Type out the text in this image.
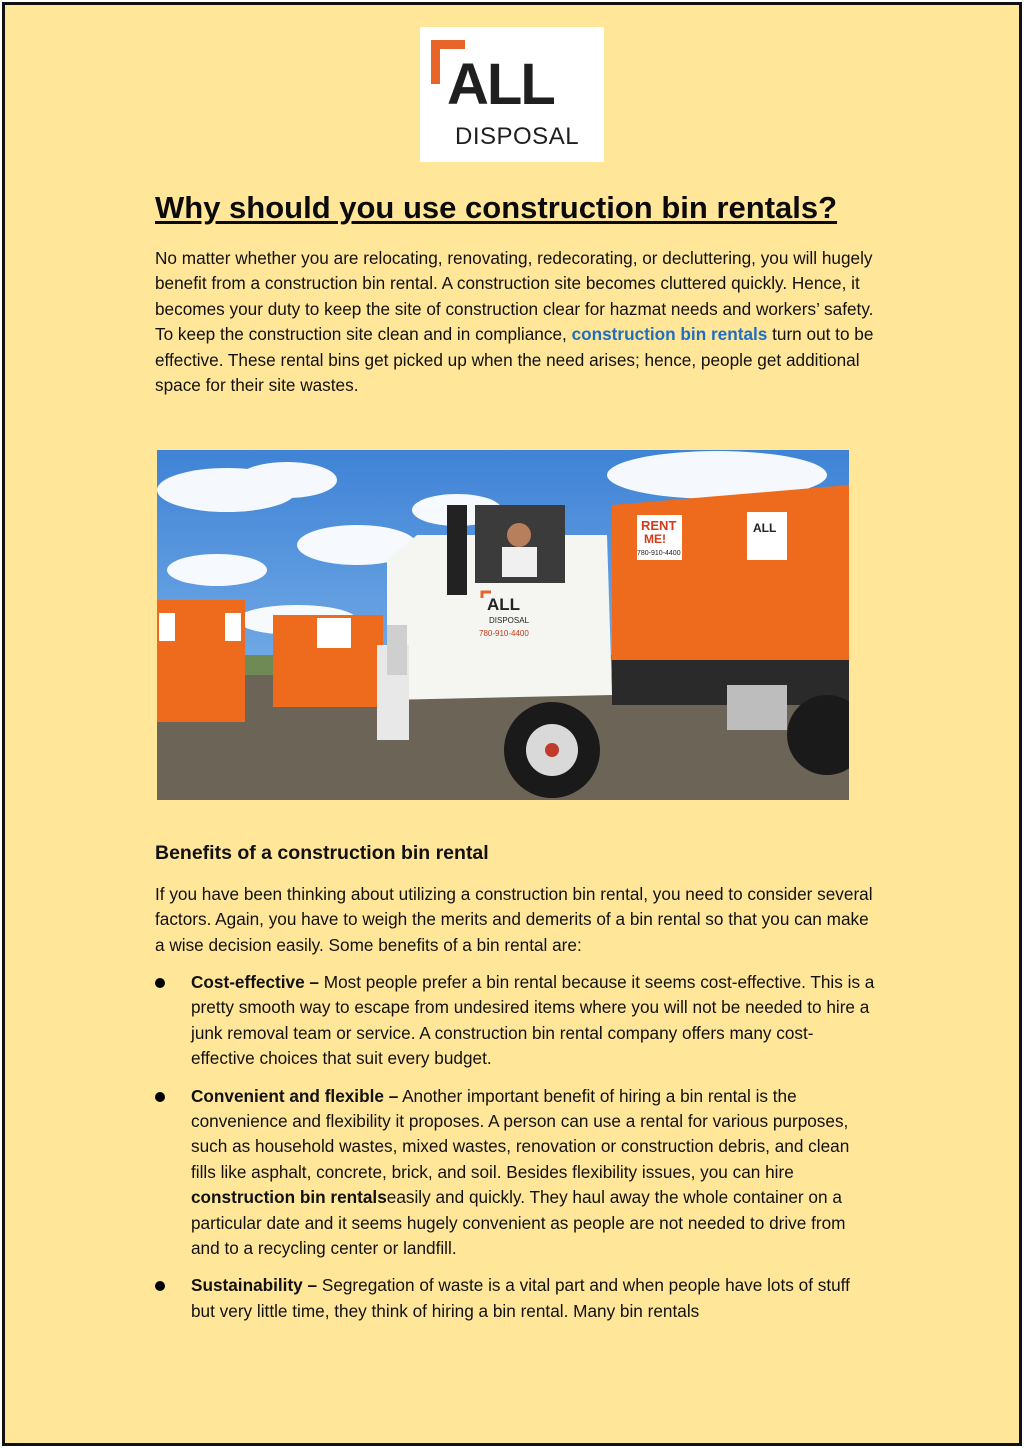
ALL
DISPOSAL
Why should you use construction bin rentals?

No matter whether you are relocating, renovating, redecorating, or decluttering, you will hugely benefit from a construction bin rental. A construction site becomes cluttered quickly. Hence, it becomes your duty to keep the site of construction clear for hazmat needs and workers’ safety. To keep the construction site clean and in compliance, construction bin rentals turn out to be effective. These rental bins get picked up when the need arises; hence, people get additional space for their site wastes.

ALL
DISPOSAL
780-910-4400
RENT
ME!
780-910-4400
ALL
Benefits of a construction bin rental

If you have been thinking about utilizing a construction bin rental, you need to consider several factors. Again, you have to weigh the merits and demerits of a bin rental so that you can make a wise decision easily. Some benefits of a bin rental are:

Cost-effective – Most people prefer a bin rental because it seems cost-effective. This is a pretty smooth way to escape from undesired items where you will not be needed to hire a junk removal team or service. A construction bin rental company offers many cost-effective choices that suit every budget.
Convenient and flexible – Another important benefit of hiring a bin rental is the convenience and flexibility it proposes. A person can use a rental for various purposes, such as household wastes, mixed wastes, renovation or construction debris, and clean fills like asphalt, concrete, brick, and soil. Besides flexibility issues, you can hire construction bin rentalseasily and quickly. They haul away the whole container on a particular date and it seems hugely convenient as people are not needed to drive from and to a recycling center or landfill.
Sustainability – Segregation of waste is a vital part and when people have lots of stuff but very little time, they think of hiring a bin rental. Many bin rentals
